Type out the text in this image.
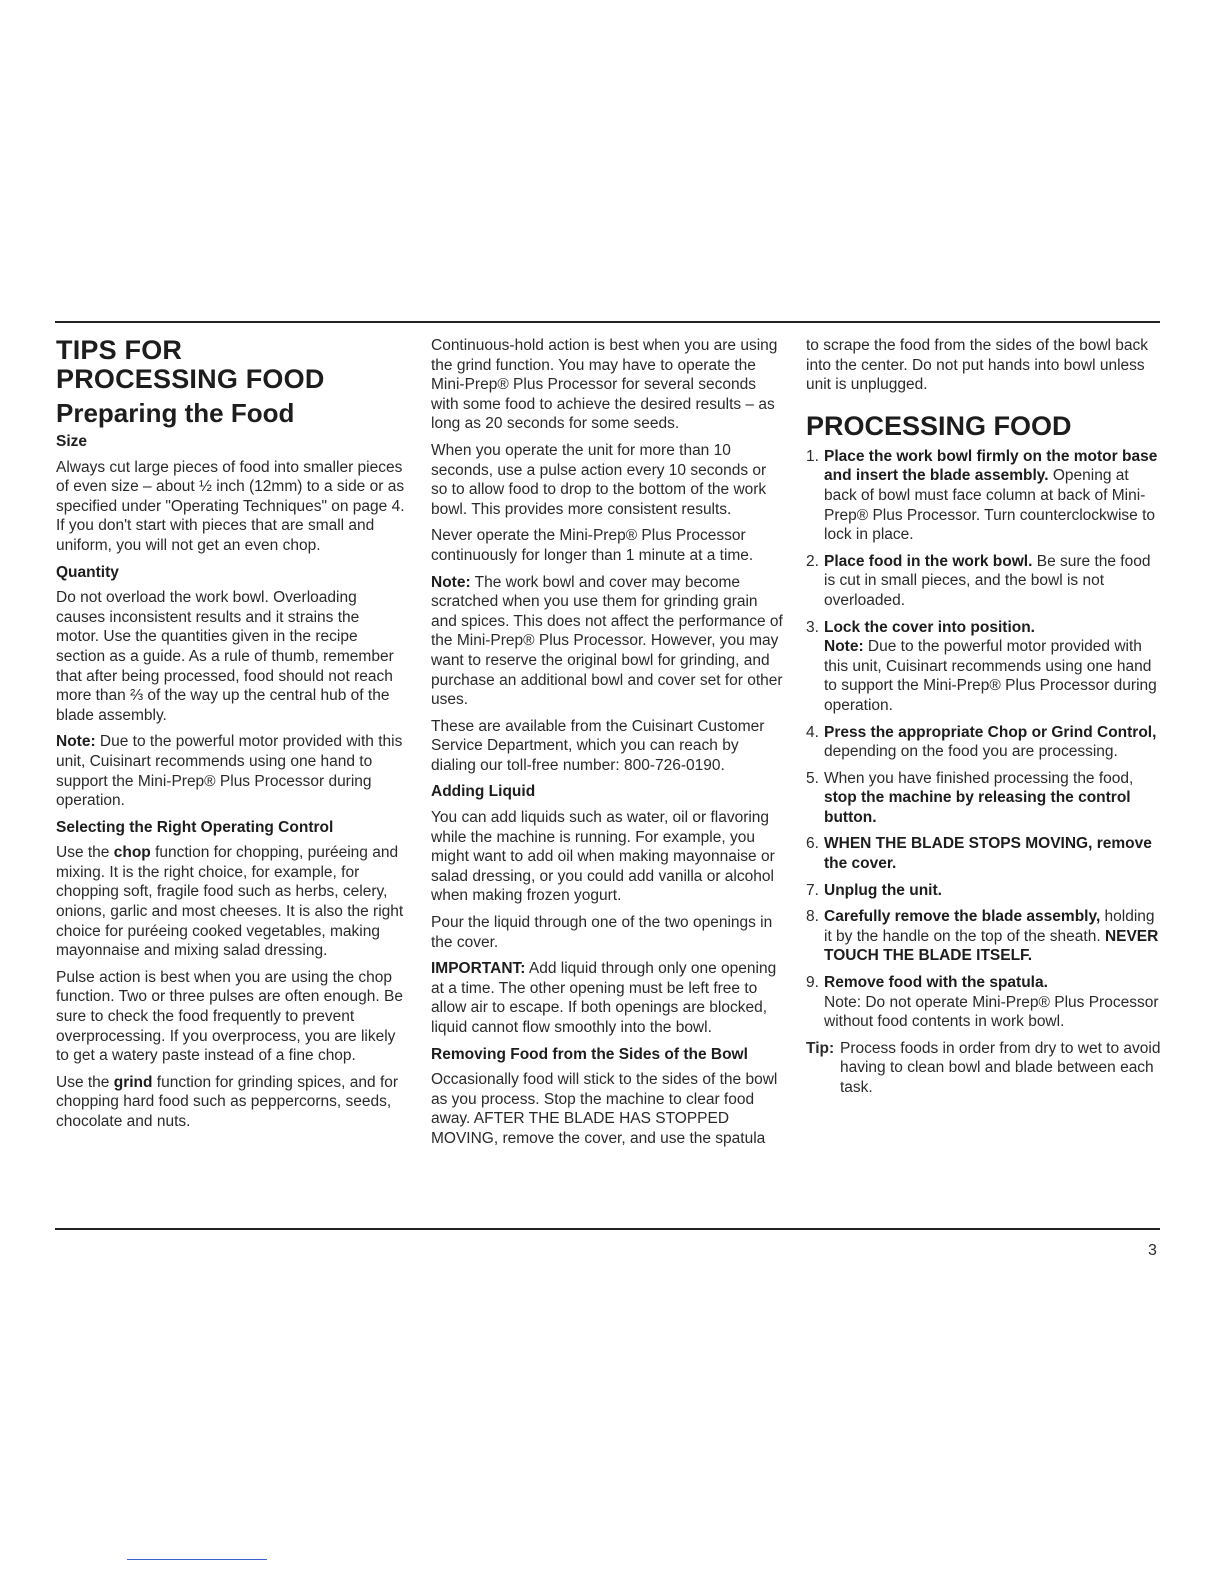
TIPS FOR
PROCESSING FOOD
Preparing the Food
Size

Always cut large pieces of food into smaller pieces of even size – about ½ inch (12mm) to a side or as specified under "Operating Techniques" on page 4. If you don't start with pieces that are small and uniform, you will not get an even chop.

Quantity

Do not overload the work bowl. Overloading causes inconsistent results and it strains the motor. Use the quantities given in the recipe section as a guide. As a rule of thumb, remember that after being processed, food should not reach more than ⅔ of the way up the central hub of the blade assembly.

Note: Due to the powerful motor provided with this unit, Cuisinart recommends using one hand to support the Mini-Prep® Plus Processor during operation.

Selecting the Right Operating Control

Use the chop function for chopping, puréeing and mixing. It is the right choice, for example, for chopping soft, fragile food such as herbs, celery, onions, garlic and most cheeses. It is also the right choice for puréeing cooked vegetables, making mayonnaise and mixing salad dressing.

Pulse action is best when you are using the chop function. Two or three pulses are often enough. Be sure to check the food frequently to prevent overprocessing. If you overprocess, you are likely to get a watery paste instead of a fine chop.

Use the grind function for grinding spices, and for chopping hard food such as peppercorns, seeds, chocolate and nuts.

Continuous-hold action is best when you are using the grind function. You may have to operate the Mini-Prep® Plus Processor for several seconds with some food to achieve the desired results – as long as 20 seconds for some seeds.

When you operate the unit for more than 10 seconds, use a pulse action every 10 seconds or so to allow food to drop to the bottom of the work bowl. This provides more consistent results.

Never operate the Mini-Prep® Plus Processor continuously for longer than 1 minute at a time.

Note: The work bowl and cover may become scratched when you use them for grinding grain and spices. This does not affect the performance of the Mini-Prep® Plus Processor. However, you may want to reserve the original bowl for grinding, and purchase an additional bowl and cover set for other uses.

These are available from the Cuisinart Customer Service Department, which you can reach by dialing our toll-free number: 800-726-0190.

Adding Liquid

You can add liquids such as water, oil or flavoring while the machine is running. For example, you might want to add oil when making mayonnaise or salad dressing, or you could add vanilla or alcohol when making frozen yogurt.

Pour the liquid through one of the two openings in the cover.

IMPORTANT: Add liquid through only one opening at a time. The other opening must be left free to allow air to escape. If both openings are blocked, liquid cannot flow smoothly into the bowl.

Removing Food from the Sides of the Bowl

Occasionally food will stick to the sides of the bowl as you process. Stop the machine to clear food away. AFTER THE BLADE HAS STOPPED MOVING, remove the cover, and use the spatula

to scrape the food from the sides of the bowl back into the center. Do not put hands into bowl unless unit is unplugged.

PROCESSING FOOD
1. Place the work bowl firmly on the motor base and insert the blade assembly. Opening at back of bowl must face column at back of Mini-Prep® Plus Processor. Turn counterclockwise to lock in place.
2. Place food in the work bowl. Be sure the food is cut in small pieces, and the bowl is not overloaded.
3. Lock the cover into position.
Note: Due to the powerful motor provided with this unit, Cuisinart recommends using one hand to support the Mini-Prep® Plus Processor during operation.
4. Press the appropriate Chop or Grind Control, depending on the food you are processing.
5. When you have finished processing the food, stop the machine by releasing the control button.
6. WHEN THE BLADE STOPS MOVING, remove the cover.
7. Unplug the unit.
8. Carefully remove the blade assembly, holding it by the handle on the top of the sheath. NEVER TOUCH THE BLADE ITSELF.
9. Remove food with the spatula.
Note: Do not operate Mini-Prep® Plus Processor without food contents in work bowl.

Tip: Process foods in order from dry to wet to avoid having to clean bowl and blade between each task.

3
